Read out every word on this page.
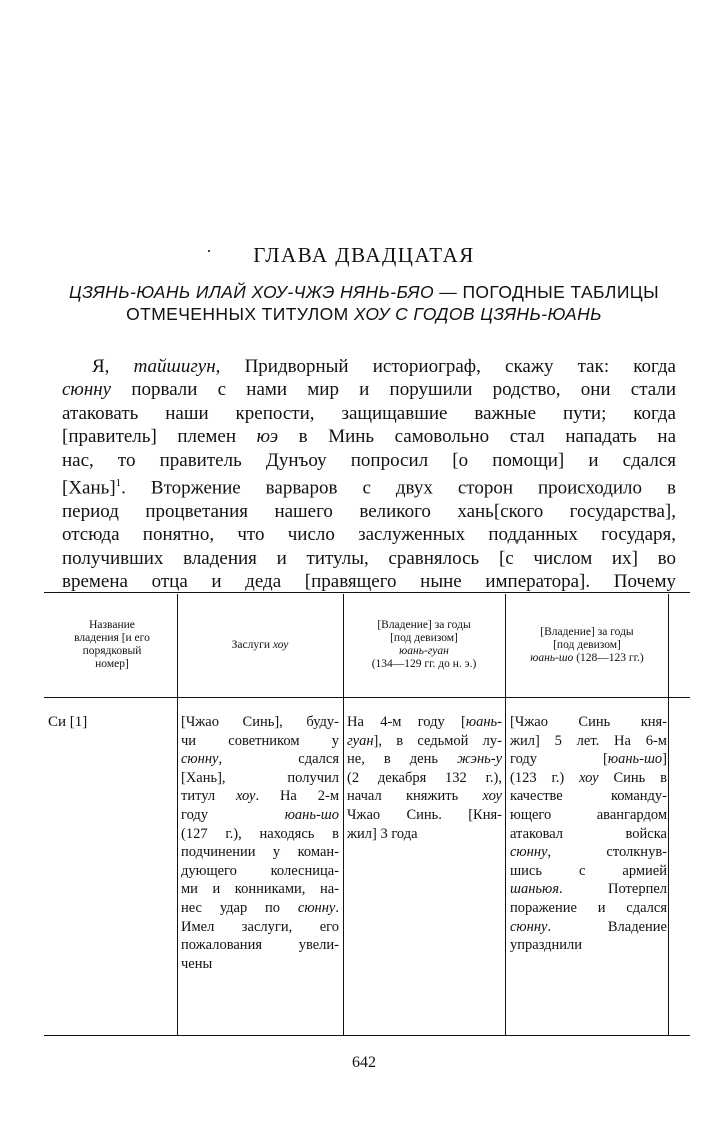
ГЛАВА ДВАДЦАТАЯ
ЦЗЯНЬ-ЮАНЬ ИЛАЙ ХОУ-ЧЖЭ НЯНЬ-БЯО — ПОГОДНЫЕ ТАБЛИЦЫ
ОТМЕЧЕННЫХ ТИТУЛОМ ХОУ С ГОДОВ ЦЗЯНЬ-ЮАНЬ
Я, тайшигун, Придворный историограф, скажу так: когда
сюнну порвали с нами мир и порушили родство, они стали
атаковать наши крепости, защищавшие важные пути; когда
[правитель] племен юэ в Минь самовольно стал нападать на
нас, то правитель Дунъоу попросил [о помощи] и сдался
[Хань]$^1$. Вторжение варваров с двух сторон происходило в
период процветания нашего великого хань[ского государства],
отсюда понятно, что число заслуженных подданных государя,
получивших владения и титулы, сравнялось [с числом их] во
времена отца и деда [правящего ныне императора]. Почему
Название
владения [и его
порядковый
номер]
Заслуги хоу
[Владение] за годы
[под девизом]
юань-гуан
(134—129 гг. до н. э.)
[Владение] за годы
[под девизом]
юань-шо (128—123 гг.)
Си [1]	[Чжао Синь], буду-
чи советником у
сюнну, сдался
[Хань], получил
титул хоу. На 2-м
году юань-шо
(127 г.), находясь в
подчинении у коман-
дующего колесница-
ми и конниками, на-
нес удар по сюнну.
Имел заслуги, его
пожалования увели-
чены
На 4-м году [юань-
гуан], в седьмой лу-
не, в день жэнь-у
(2 декабря 132 г.),
начал княжить хоу
Чжао Синь. [Кня-
жил] 3 года
[Чжао Синь кня-
жил] 5 лет. На 6-м
году [юань-шо]
(123 г.) хоу Синь в
качестве команду-
ющего авангардом
атаковал войска
сюнну, столкнув-
шись с армией
шаньюя. Потерпел
поражение и сдался
сюнну. Владение
упразднили
642
